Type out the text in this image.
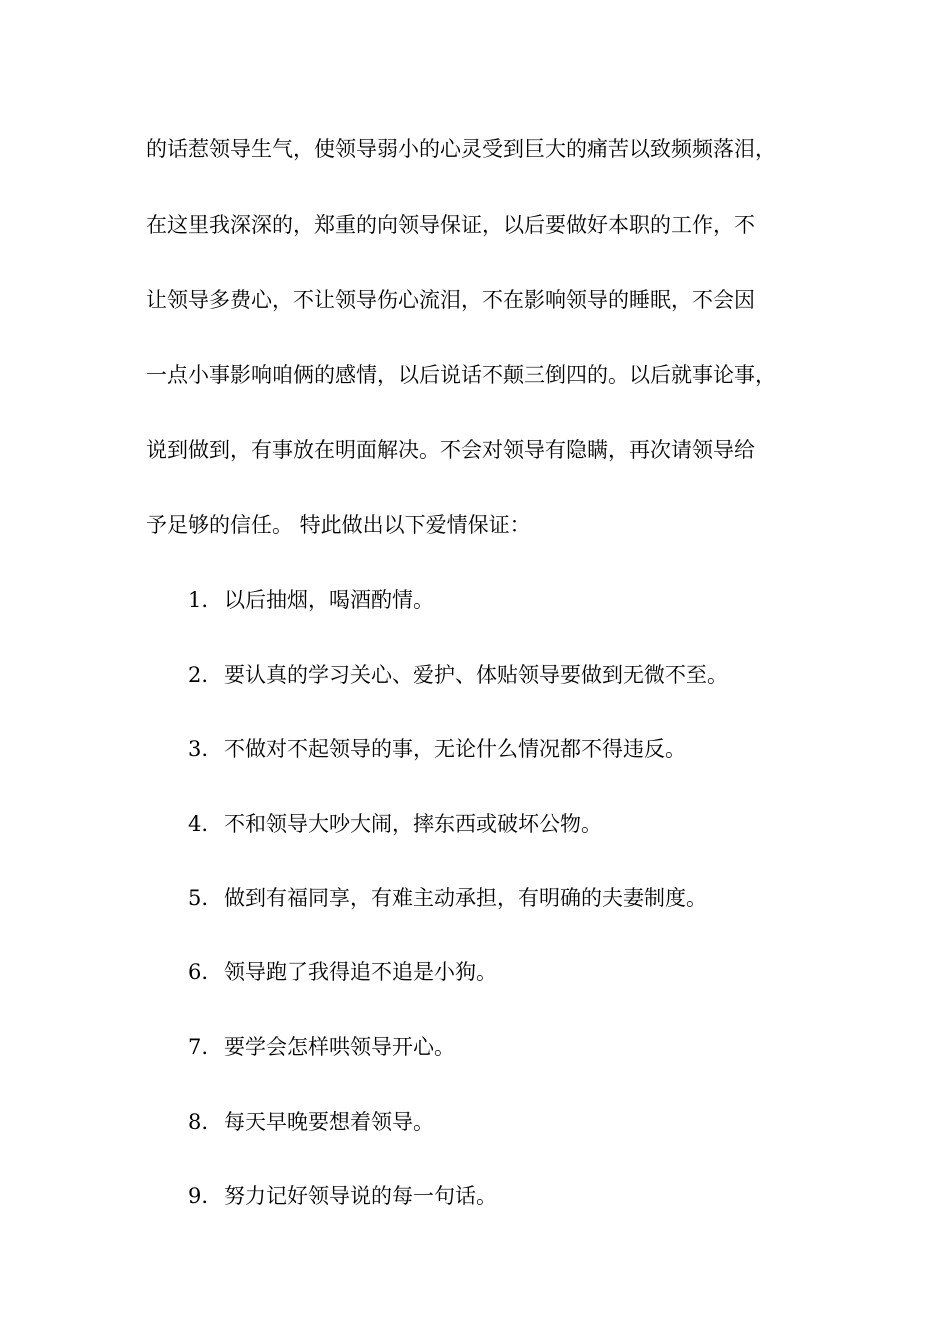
的话惹领导生气，使领导弱小的心灵受到巨大的痛苦以致频频落泪，
在这里我深深的，郑重的向领导保证，以后要做好本职的工作，不
让领导多费心，不让领导伤心流泪，不在影响领导的睡眠，不会因
一点小事影响咱俩的感情，以后说话不颠三倒四的。以后就事论事，
说到做到，有事放在明面解决。不会对领导有隐瞒，再次请领导给
予足够的信任。 特此做出以下爱情保证：
1. 以后抽烟，喝酒酌情。
2. 要认真的学习关心、爱护、体贴领导要做到无微不至。
3. 不做对不起领导的事，无论什么情况都不得违反。
4. 不和领导大吵大闹，摔东西或破坏公物。
5. 做到有福同享，有难主动承担，有明确的夫妻制度。
6. 领导跑了我得追不追是小狗。
7. 要学会怎样哄领导开心。
8. 每天早晚要想着领导。
9. 努力记好领导说的每一句话。
